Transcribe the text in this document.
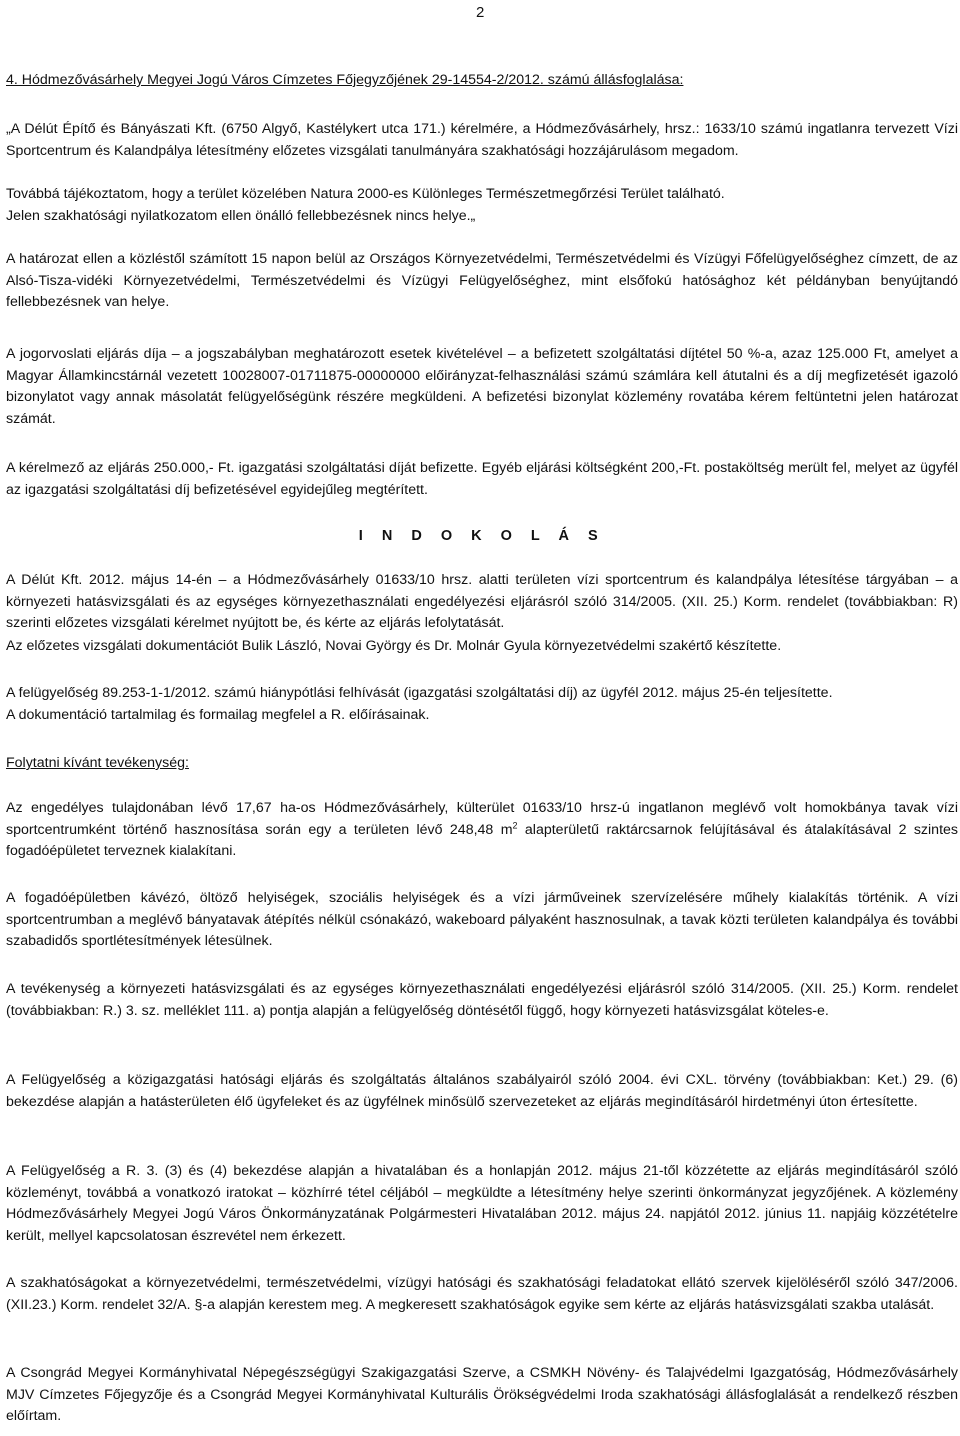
2

4. Hódmezővásárhely Megyei Jogú Város Címzetes Főjegyzőjének 29-14554-2/2012. számú állásfoglalása:

„A Délút Építő és Bányászati Kft. (6750 Algyő, Kastélykert utca 171.) kérelmére, a Hódmezővásárhely, hrsz.: 1633/10 számú ingatlanra tervezett Vízi Sportcentrum és Kalandpálya létesítmény előzetes vizsgálati tanulmányára szakhatósági hozzájárulásom megadom.

Továbbá tájékoztatom, hogy a terület közelében Natura 2000-es Különleges Természetmegőrzési Terület található.

Jelen szakhatósági nyilatkozatom ellen önálló fellebbezésnek nincs helye.„

A határozat ellen a közléstől számított 15 napon belül az Országos Környezetvédelmi, Természetvédelmi és Vízügyi Főfelügyelőséghez címzett, de az Alsó-Tisza-vidéki Környezetvédelmi, Természetvédelmi és Vízügyi Felügyelőséghez, mint elsőfokú hatósághoz két példányban benyújtandó fellebbezésnek van helye.

A jogorvoslati eljárás díja – a jogszabályban meghatározott esetek kivételével – a befizetett szolgáltatási díjtétel 50 %-a, azaz 125.000 Ft, amelyet a Magyar Államkincstárnál vezetett 10028007-01711875-00000000 előirányzat-felhasználási számú számlára kell átutalni és a díj megfizetését igazoló bizonylatot vagy annak másolatát felügyelőségünk részére megküldeni. A befizetési bizonylat közlemény rovatába kérem feltüntetni jelen határozat számát.

A kérelmező az eljárás 250.000,- Ft. igazgatási szolgáltatási díját befizette. Egyéb eljárási költségként 200,-Ft. postaköltség merült fel, melyet az ügyfél az igazgatási szolgáltatási díj befizetésével egyidejűleg megtérített.

I N D O K O L Á S

A Délút Kft. 2012. május 14-én – a Hódmezővásárhely 01633/10 hrsz. alatti területen vízi sportcentrum és kalandpálya létesítése tárgyában – a környezeti hatásvizsgálati és az egységes környezethasználati engedélyezési eljárásról szóló 314/2005. (XII. 25.) Korm. rendelet (továbbiakban: R) szerinti előzetes vizsgálati kérelmet nyújtott be, és kérte az eljárás lefolytatását.

Az előzetes vizsgálati dokumentációt Bulik László, Novai György és Dr. Molnár Gyula környezetvédelmi szakértő készítette.

A felügyelőség 89.253-1-1/2012. számú hiánypótlási felhívását (igazgatási szolgáltatási díj) az ügyfél 2012. május 25-én teljesítette.

A dokumentáció tartalmilag és formailag megfelel a R. előírásainak.

Folytatni kívánt tevékenység:

Az engedélyes tulajdonában lévő 17,67 ha-os Hódmezővásárhely, külterület 01633/10 hrsz-ú ingatlanon meglévő volt homokbánya tavak vízi sportcentrumként történő hasznosítása során egy a területen lévő 248,48 $m^2$ alapterületű raktárcsarnok felújításával és átalakításával 2 szintes fogadóépületet terveznek kialakítani.

A fogadóépületben kávézó, öltöző helyiségek, szociális helyiségek és a vízi járműveinek szervízelésére műhely kialakítás történik. A vízi sportcentrumban a meglévő bányatavak átépítés nélkül csónakázó, wakeboard pályaként hasznosulnak, a tavak közti területen kalandpálya és további szabadidős sportlétesítmények létesülnek.

A tevékenység a környezeti hatásvizsgálati és az egységes környezethasználati engedélyezési eljárásról szóló 314/2005. (XII. 25.) Korm. rendelet (továbbiakban: R.) 3. sz. melléklet 111. a) pontja alapján a felügyelőség döntésétől függő, hogy környezeti hatásvizsgálat köteles-e.

A Felügyelőség a közigazgatási hatósági eljárás és szolgáltatás általános szabályairól szóló 2004. évi CXL. törvény (továbbiakban: Ket.) 29. (6) bekezdése alapján a hatásterületen élő ügyfeleket és az ügyfélnek minősülő szervezeteket az eljárás megindításáról hirdetményi úton értesítette.

A Felügyelőség a R. 3. (3) és (4) bekezdése alapján a hivatalában és a honlapján 2012. május 21-től közzétette az eljárás megindításáról szóló közleményt, továbbá a vonatkozó iratokat – közhírré tétel céljából – megküldte a létesítmény helye szerinti önkormányzat jegyzőjének. A közlemény Hódmezővásárhely Megyei Jogú Város Önkormányzatának Polgármesteri Hivatalában 2012. május 24. napjától 2012. június 11. napjáig közzétételre került, mellyel kapcsolatosan észrevétel nem érkezett.

A szakhatóságokat a környezetvédelmi, természetvédelmi, vízügyi hatósági és szakhatósági feladatokat ellátó szervek kijelöléséről szóló 347/2006. (XII.23.) Korm. rendelet 32/A. §-a alapján kerestem meg. A megkeresett szakhatóságok egyike sem kérte az eljárás hatásvizsgálati szakba utalását.

A Csongrád Megyei Kormányhivatal Népegészségügyi Szakigazgatási Szerve, a CSMKH Növény- és Talajvédelmi Igazgatóság, Hódmezővásárhely MJV Címzetes Főjegyzője és a Csongrád Megyei Kormányhivatal Kulturális Örökségvédelmi Iroda szakhatósági állásfoglalását a rendelkező részben előírtam.
